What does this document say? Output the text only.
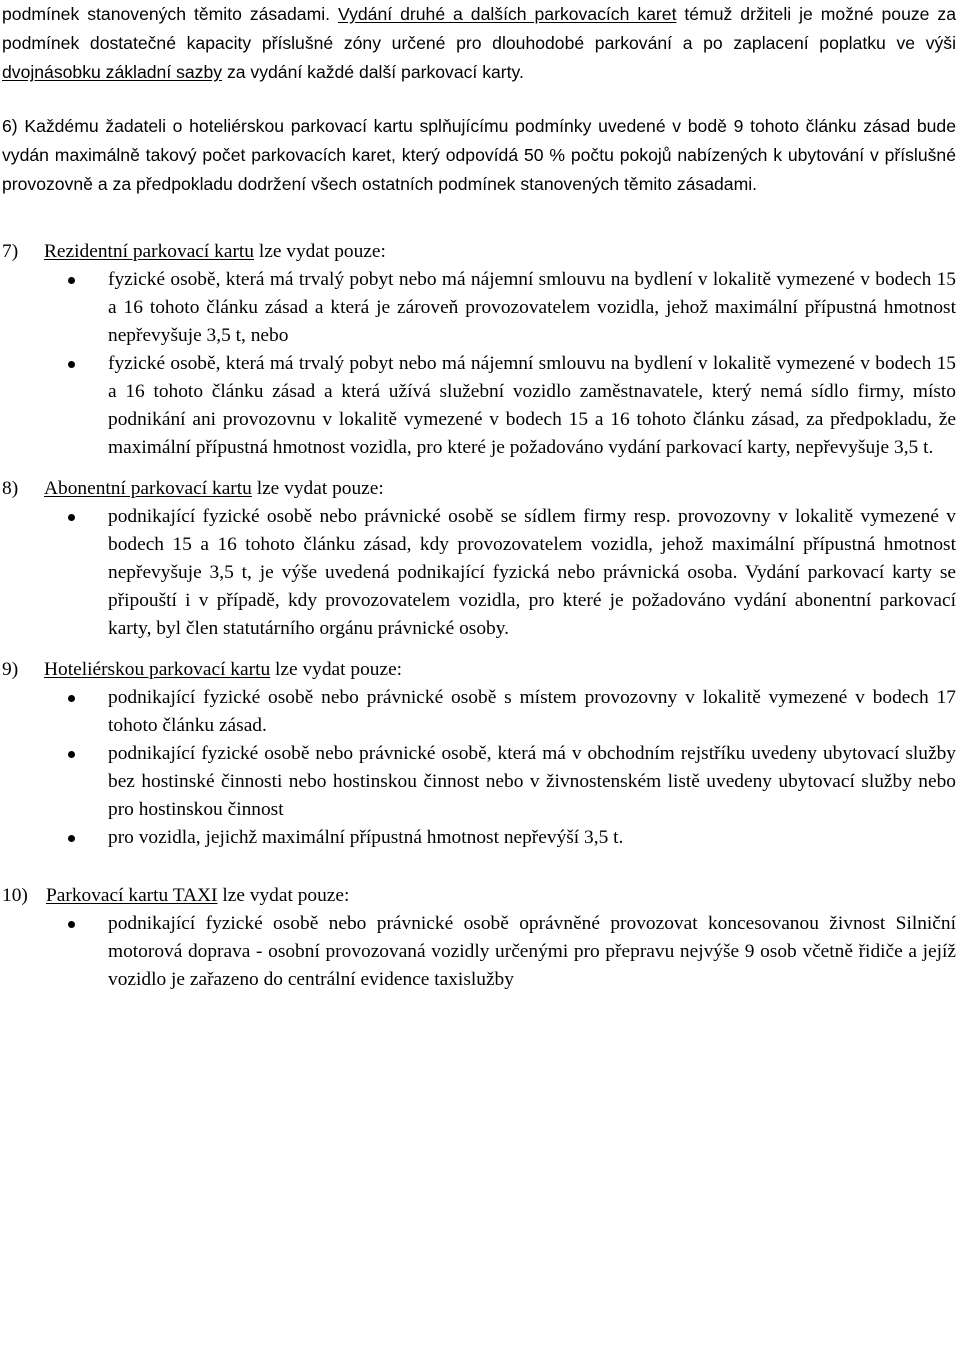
podmínek stanovených těmito zásadami. Vydání druhé a dalších parkovacích karet témuž držiteli je možné pouze za podmínek dostatečné kapacity příslušné zóny určené pro dlouhodobé parkování a po zaplacení poplatku ve výši dvojnásobku základní sazby za vydání každé další parkovací karty.

6) Každému žadateli o hoteliérskou parkovací kartu splňujícímu podmínky uvedené v bodě 9 tohoto článku zásad bude vydán maximálně takový počet parkovacích karet, který odpovídá 50 % počtu pokojů nabízených k ubytování v příslušné provozovně a za předpokladu dodržení všech ostatních podmínek stanovených těmito zásadami.

7)	Rezidentní parkovací kartu lze vydat pouze:
fyzické osobě, která má trvalý pobyt nebo má nájemní smlouvu na bydlení v lokalitě vymezené v bodech 15 a 16 tohoto článku zásad a která je zároveň provozovatelem vozidla, jehož maximální přípustná hmotnost nepřevyšuje 3,5 t, nebo
fyzické osobě, která má trvalý pobyt nebo má nájemní smlouvu na bydlení v lokalitě vymezené v bodech 15 a 16 tohoto článku zásad a která užívá služební vozidlo zaměstnavatele, který nemá sídlo firmy, místo podnikání ani provozovnu v lokalitě vymezené v bodech 15 a 16 tohoto článku zásad, za předpokladu, že maximální přípustná hmotnost vozidla, pro které je požadováno vydání parkovací karty, nepřevyšuje 3,5 t.
8)	Abonentní parkovací kartu lze vydat pouze:
podnikající fyzické osobě nebo právnické osobě se sídlem firmy resp. provozovny v lokalitě vymezené v bodech 15 a 16 tohoto článku zásad, kdy provozovatelem vozidla, jehož maximální přípustná hmotnost nepřevyšuje 3,5 t, je výše uvedená podnikající fyzická nebo právnická osoba. Vydání parkovací karty se připouští i v případě, kdy provozovatelem vozidla, pro které je požadováno vydání abonentní parkovací karty, byl člen statutárního orgánu právnické osoby.
9)	Hoteliérskou parkovací kartu lze vydat pouze:
podnikající fyzické osobě nebo právnické osobě s místem provozovny v lokalitě vymezené v bodech 17 tohoto článku zásad.
podnikající fyzické osobě nebo právnické osobě, která má v obchodním rejstříku uvedeny ubytovací služby bez hostinské činnosti nebo hostinskou činnost nebo v živnostenském listě uvedeny ubytovací služby nebo pro hostinskou činnost
pro vozidla, jejichž maximální přípustná hmotnost nepřevýší 3,5 t.
10) Parkovací kartu TAXI lze vydat pouze:
podnikající fyzické osobě nebo právnické osobě oprávněné provozovat koncesovanou živnost Silniční motorová doprava - osobní provozovaná vozidly určenými pro přepravu nejvýše 9 osob včetně řidiče a jejíž vozidlo je zařazeno do centrální evidence taxislužby
